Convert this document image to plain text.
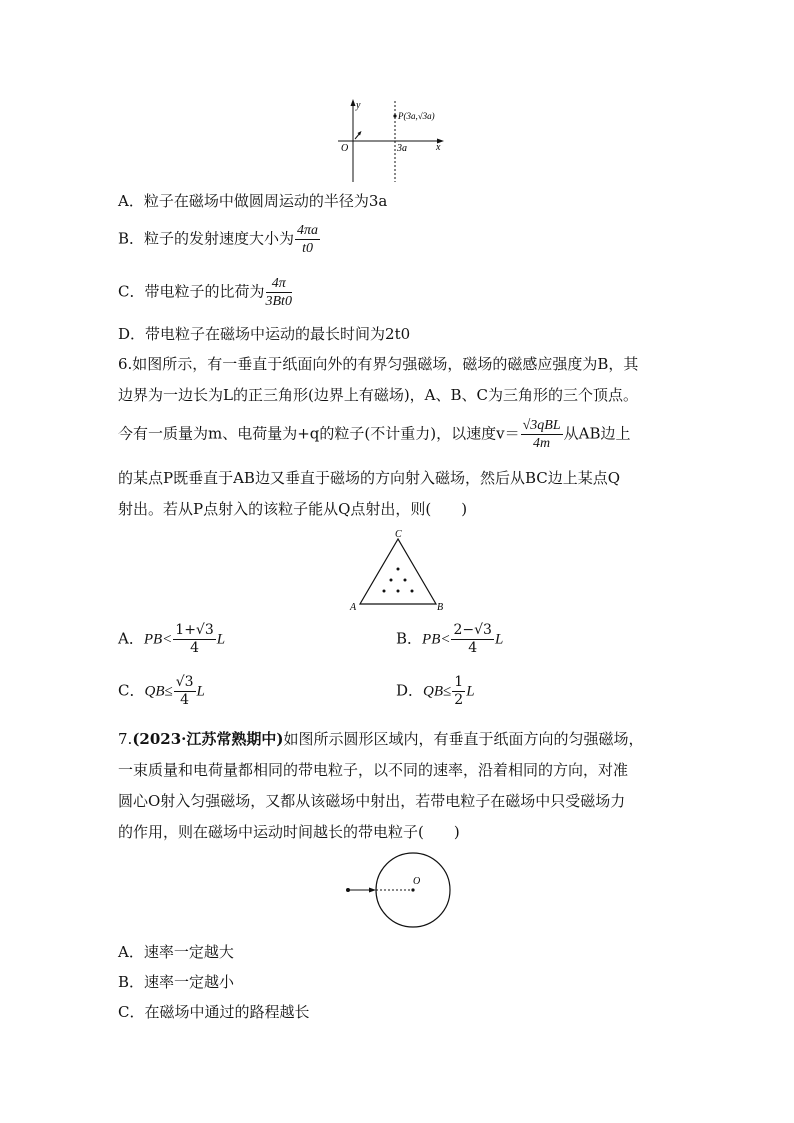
y
x
O
P(3a,√3a)
3a
A．粒子在磁场中做圆周运动的半径为3a
B．粒子的发射速度大小为 $\frac{4\pi a}{t0}$
C．带电粒子的比荷为 $\frac{4\pi}{3Bt0}$
D．带电粒子在磁场中运动的最长时间为2t0
6.如图所示，有一垂直于纸面向外的有界匀强磁场，磁场的磁感应强度为B，其
边界为一边长为L的正三角形(边界上有磁场)，A、B、C为三角形的三个顶点。
今有一质量为m、电荷量为+q的粒子(不计重力)，以速度$v= \frac{\text{√3qBL}}{4m}$ 从AB边上
的某点P既垂直于AB边又垂直于磁场的方向射入磁场，然后从BC边上某点Q
射出。若从P点射入的该粒子能从Q点射出，则(　　)
C
A	B
A．$PB< \frac{1+√3}{4}$ L	B．$PB< \frac{2-√3}{4}$ L
C．$QB\le \frac{√3}{4}$ L	D．$QB\le \frac{1}{2}$ L
7.(2023·江苏常熟期中)如图所示圆形区域内，有垂直于纸面方向的匀强磁场，
一束质量和电荷量都相同的带电粒子，以不同的速率，沿着相同的方向，对准
圆心O射入匀强磁场，又都从该磁场中射出，若带电粒子在磁场中只受磁场力
的作用，则在磁场中运动时间越长的带电粒子(　　)
O
A．速率一定越大
B．速率一定越小
C．在磁场中通过的路程越长
